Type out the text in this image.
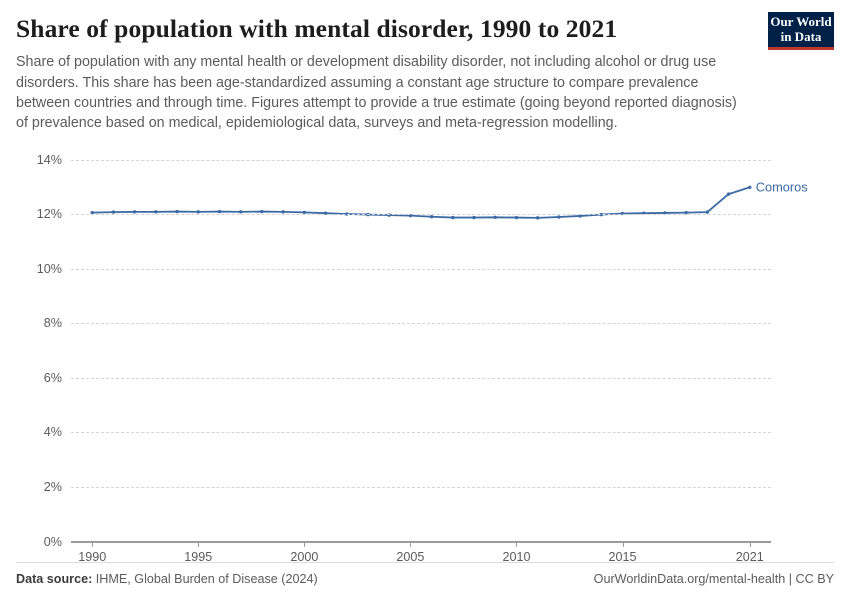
Share of population with mental disorder, 1990 to 2021

Share of population with any mental health or development disability disorder, not including alcohol or drug use disorders. This share has been age-standardized assuming a constant age structure to compare prevalence between countries and through time. Figures attempt to provide a true estimate (going beyond reported diagnosis) of prevalence based on medical, epidemiological data, surveys and meta-regression modelling.

Our World
in Data
0%
2%
4%
6%
8%
10%
12%
14%
1990	1995	2000	2005	2010	2015	2021
Comoros
Data source: IHME, Global Burden of Disease (2024)	OurWorldinData.org/mental-health | CC BY
